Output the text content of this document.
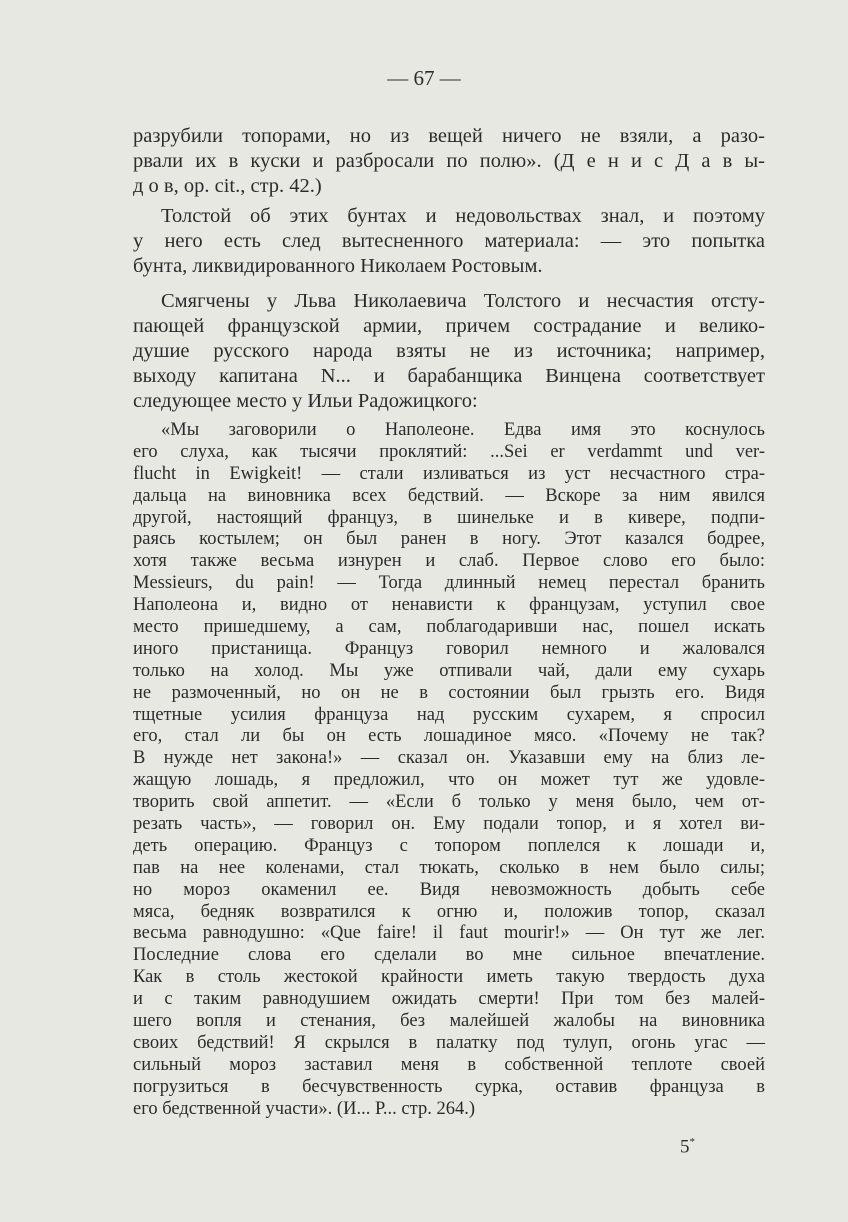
— 67 —
разрубили топорами, но из вещей ничего не взяли, а разо-
рвали их в куски и разбросали по полю». (Д е н и с Д а в ы-
д о в, ор. cit., стр. 42.)
Толстой об этих бунтах и недовольствах знал, и поэтому
у него есть след вытесненного материала: — это попытка
бунта, ликвидированного Николаем Ростовым.
Смягчены у Льва Николаевича Толстого и несчастия отсту-
пающей французской армии, причем сострадание и велико-
душие русского народа взяты не из источника; например,
выходу капитана N... и барабанщика Винцена соответствует
следующее место у Ильи Радожицкого:
«Мы заговорили о Наполеоне. Едва имя это коснулось
его слуха, как тысячи проклятий: ...Sei er verdammt und ver-
flucht in Ewigkeit! — стали изливаться из уст несчастного стра-
дальца на виновника всех бедствий. — Вскоре за ним явился
другой, настоящий француз, в шинельке и в кивере, подпи-
раясь костылем; он был ранен в ногу. Этот казался бодрее,
хотя также весьма изнурен и слаб. Первое слово его было:
Messieurs, du pain! — Тогда длинный немец перестал бранить
Наполеона и, видно от ненависти к французам, уступил свое
место пришедшему, а сам, поблагодаривши нас, пошел искать
иного пристанища. Француз говорил немного и жаловался
только на холод. Мы уже отпивали чай, дали ему сухарь
не размоченный, но он не в состоянии был грызть его. Видя
тщетные усилия француза над русским сухарем, я спросил
его, стал ли бы он есть лошадиное мясо. «Почему не так?
В нужде нет закона!» — сказал он. Указавши ему на близ ле-
жащую лошадь, я предложил, что он может тут же удовле-
творить свой аппетит. — «Если б только у меня было, чем от-
резать часть», — говорил он. Ему подали топор, и я хотел ви-
деть операцию. Француз с топором поплелся к лошади и,
пав на нее коленами, стал тюкать, сколько в нем было силы;
но мороз окаменил ее. Видя невозможность добыть себе
мяса, бедняк возвратился к огню и, положив топор, сказал
весьма равнодушно: «Que faire! il faut mourir!» — Он тут же лег.
Последние слова его сделали во мне сильное впечатление.
Как в столь жестокой крайности иметь такую твердость духа
и с таким равнодушием ожидать смерти! При том без малей-
шего вопля и стенания, без малейшей жалобы на виновника
своих бедствий! Я скрылся в палатку под тулуп, огонь угас —
сильный мороз заставил меня в собственной теплоте своей
погрузиться в бесчувственность сурка, оставив француза в
его бедственной участи». (И... Р... стр. 264.)
5*
